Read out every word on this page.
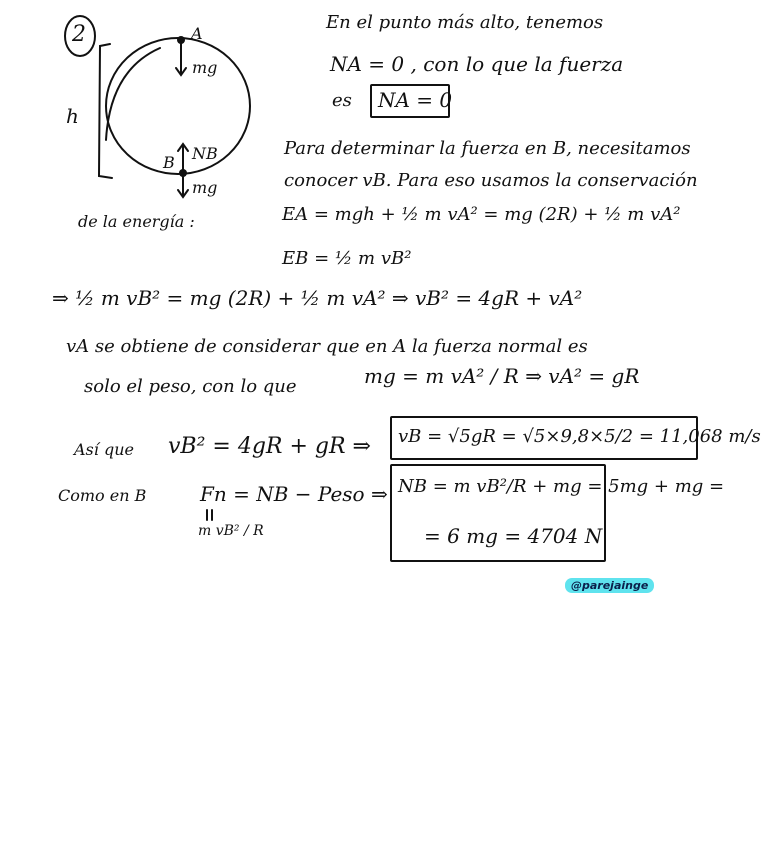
2	A
mg
h
NB
B
mg
En el punto más alto, tenemos
NA = 0 , con lo que la fuerza
es NA = 0
Para determinar la fuerza en B, necesitamos
conocer vB. Para eso usamos la conservación
de la energía :	EA = mgh + ½ m vA² = mg (2R) + ½ m vA²
EB = ½ m vB²
⇒ ½ m vB² = mg (2R) + ½ m vA² ⇒ vB² = 4gR + vA²
vA se obtiene de considerar que en A la fuerza normal es
solo el peso, con lo que	mg = m vA² / R ⇒ vA² = gR
Así que vB² = 4gR + gR ⇒ vB = √5gR = √5×9,8×5/2 = 11,068 m/s
Como en B	Fn = NB − Peso ⇒
m vB² / R
NB = m vB²/R + mg = 5mg + mg =
= 6 mg = 4704 N
@parejainge
